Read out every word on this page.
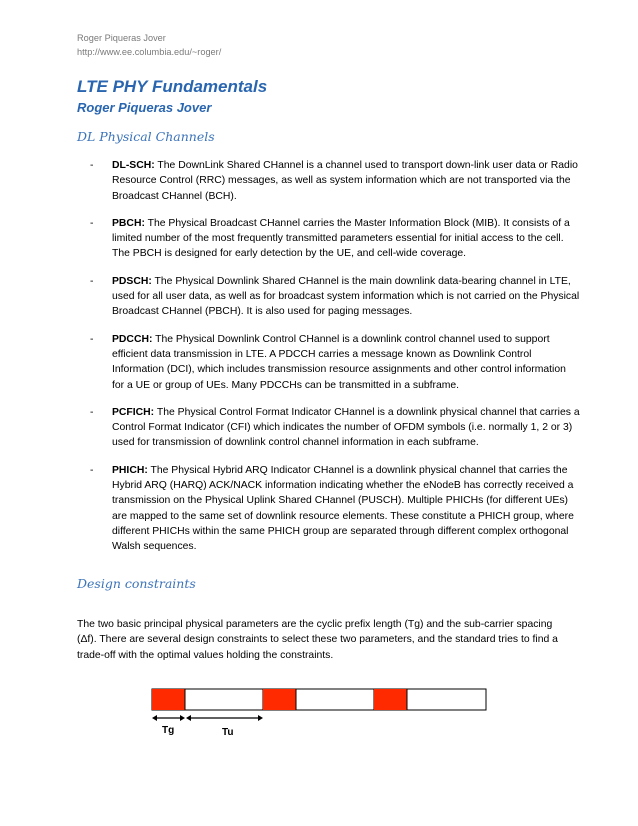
Roger Piqueras Jover
http://www.ee.columbia.edu/~roger/
LTE PHY Fundamentals
Roger Piqueras Jover
DL Physical Channels
- DL-SCH: The DownLink Shared CHannel is a channel used to transport down-link user data or Radio Resource Control (RRC) messages, as well as system information which are not transported via the Broadcast CHannel (BCH).
- PBCH: The Physical Broadcast CHannel carries the Master Information Block (MIB). It consists of a limited number of the most frequently transmitted parameters essential for initial access to the cell. The PBCH is designed for early detection by the UE, and cell-wide coverage.
- PDSCH: The Physical Downlink Shared CHannel is the main downlink data-bearing channel in LTE, used for all user data, as well as for broadcast system information which is not carried on the Physical Broadcast CHannel (PBCH). It is also used for paging messages.
- PDCCH: The Physical Downlink Control CHannel is a downlink control channel used to support efficient data transmission in LTE. A PDCCH carries a message known as Downlink Control Information (DCI), which includes transmission resource assignments and other control information for a UE or group of UEs. Many PDCCHs can be transmitted in a subframe.
- PCFICH: The Physical Control Format Indicator CHannel is a downlink physical channel that carries a Control Format Indicator (CFI) which indicates the number of OFDM symbols (i.e. normally 1, 2 or 3) used for transmission of downlink control channel information in each subframe.
- PHICH: The Physical Hybrid ARQ Indicator CHannel is a downlink physical channel that carries the Hybrid ARQ (HARQ) ACK/NACK information indicating whether the eNodeB has correctly received a transmission on the Physical Uplink Shared CHannel (PUSCH). Multiple PHICHs (for different UEs) are mapped to the same set of downlink resource elements. These constitute a PHICH group, where different PHICHs within the same PHICH group are separated through different complex orthogonal Walsh sequences.
Design constraints

The two basic principal physical parameters are the cyclic prefix length (Tg) and the sub-carrier spacing (Δf). There are several design constraints to select these two parameters, and the standard tries to find a trade-off with the optimal values holding the constraints.

Tg	Tu
